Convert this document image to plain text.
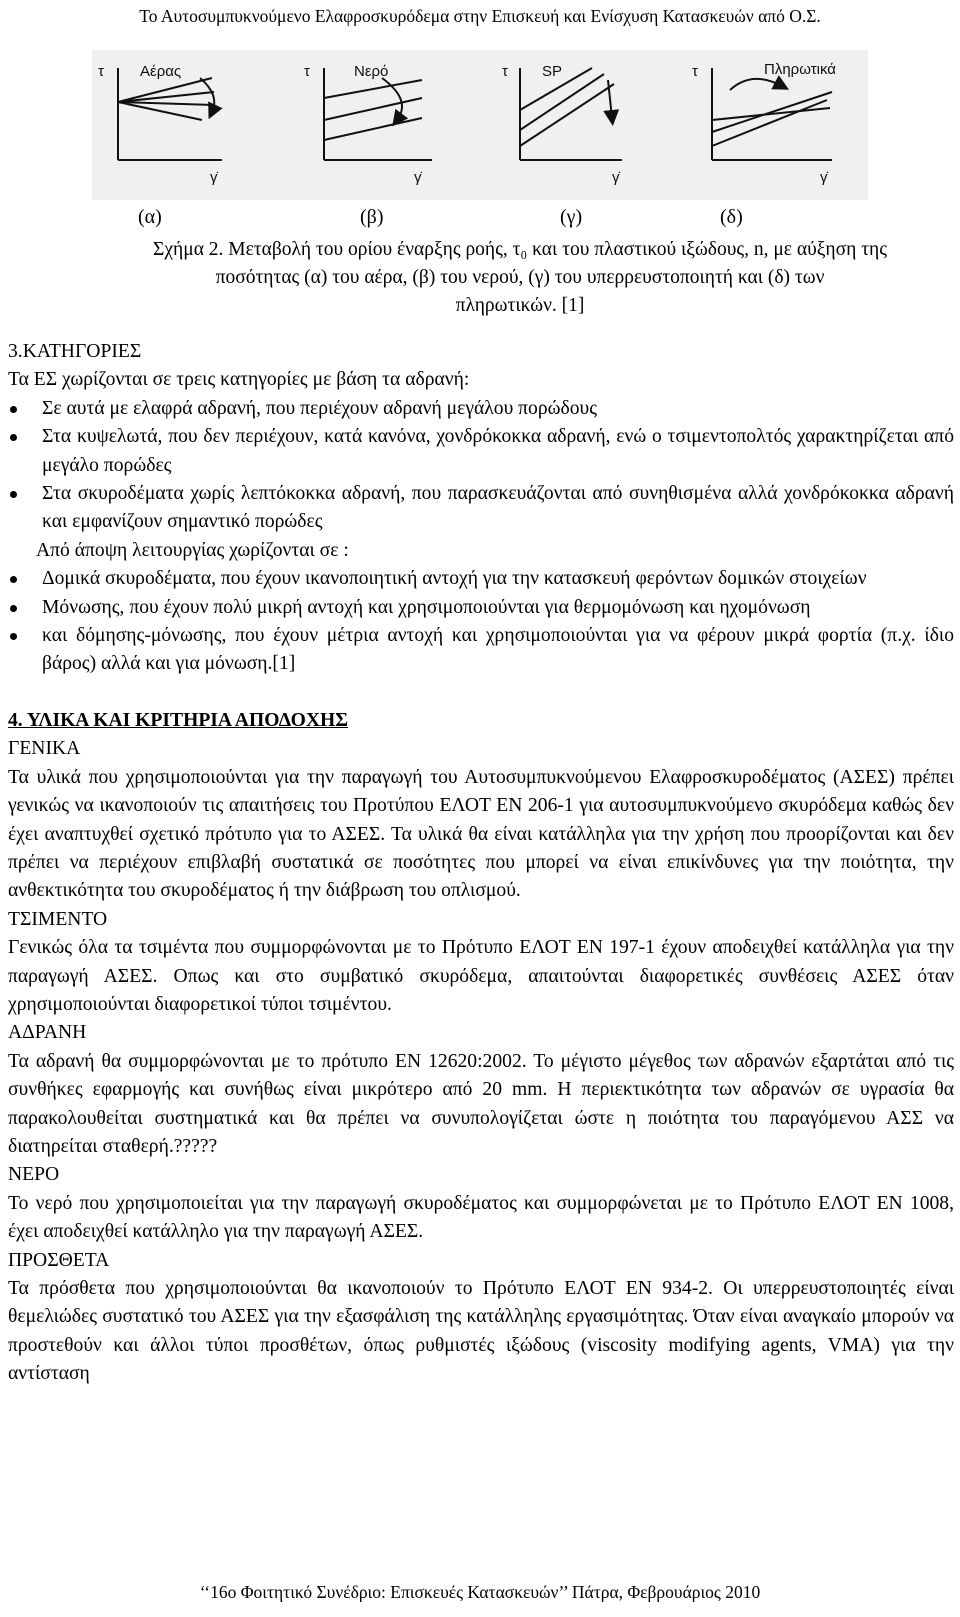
Το Αυτοσυμπυκνούμενο Ελαφροσκυρόδεμα στην Επισκευή και Ενίσχυση Κατασκευών από Ο.Σ.
τ Αέρας
γ̇
τ	Νερό
γ̇
τ SP
γ̇
τ	Πληρωτικά
γ̇
(α)	(β)	(γ)	(δ)
Σχήμα 2. Μεταβολή του ορίου έναρξης ροής, τ₀ και του πλαστικού ιξώδους, n, με αύξηση της
ποσότητας (α) του αέρα, (β) του νερού, (γ) του υπερρευστοποιητή και (δ) των
πληρωτικών. [1]

3.ΚΑΤΗΓΟΡΙΕΣ

Τα ΕΣ χωρίζονται σε τρεις κατηγορίες με βάση τα αδρανή:

Σε αυτά με ελαφρά αδρανή, που περιέχουν αδρανή μεγάλου πορώδους
Στα κυψελωτά, που δεν περιέχουν, κατά κανόνα, χονδρόκοκκα αδρανή, ενώ ο τσιμεντοπολτός χαρακτηρίζεται από μεγάλο πορώδες
Στα σκυροδέματα χωρίς λεπτόκοκκα αδρανή, που παρασκευάζονται από συνηθισμένα αλλά χονδρόκοκκα αδρανή και εμφανίζουν σημαντικό πορώδες

Από άποψη λειτουργίας χωρίζονται σε :

Δομικά σκυροδέματα, που έχουν ικανοποιητική αντοχή για την κατασκευή φερόντων δομικών στοιχείων
Μόνωσης, που έχουν πολύ μικρή αντοχή και χρησιμοποιούνται για θερμομόνωση και ηχομόνωση
και δόμησης-μόνωσης, που έχουν μέτρια αντοχή και χρησιμοποιούνται για να φέρουν μικρά φορτία (π.χ. ίδιο βάρος) αλλά και για μόνωση.[1]

4. ΥΛΙΚΑ ΚΑΙ ΚΡΙΤΗΡΙΑ ΑΠΟΔΟΧΗΣ

ΓΕΝΙΚΑ

Τα υλικά που χρησιμοποιούνται για την παραγωγή του Αυτοσυμπυκνούμενου Ελαφροσκυροδέματος (ΑΣΕΣ) πρέπει γενικώς να ικανοποιούν τις απαιτήσεις του Προτύπου ΕΛΟΤ ΕΝ 206-1 για αυτοσυμπυκνούμενο σκυρόδεμα καθώς δεν έχει αναπτυχθεί σχετικό πρότυπο για το ΑΣΕΣ. Τα υλικά θα είναι κατάλληλα για την χρήση που προορίζονται και δεν πρέπει να περιέχουν επιβλαβή συστατικά σε ποσότητες που μπορεί να είναι επικίνδυνες για την ποιότητα, την ανθεκτικότητα του σκυροδέματος ή την διάβρωση του οπλισμού.

ΤΣΙΜΕΝΤΟ

Γενικώς όλα τα τσιμέντα που συμμορφώνονται με το Πρότυπο ΕΛΟΤ ΕΝ 197-1 έχουν αποδειχθεί κατάλληλα για την παραγωγή ΑΣΕΣ. Οπως και στο συμβατικό σκυρόδεμα, απαιτούνται διαφορετικές συνθέσεις ΑΣΕΣ όταν χρησιμοποιούνται διαφορετικοί τύποι τσιμέντου.

ΑΔΡΑΝΗ

Τα αδρανή θα συμμορφώνονται με το πρότυπο ΕΝ 12620:2002. Το μέγιστο μέγεθος των αδρανών εξαρτάται από τις συνθήκες εφαρμογής και συνήθως είναι μικρότερο από 20 mm. Η περιεκτικότητα των αδρανών σε υγρασία θα παρακολουθείται συστηματικά και θα πρέπει να συνυπολογίζεται ώστε η ποιότητα του παραγόμενου ΑΣΣ να διατηρείται σταθερή.?????

ΝΕΡΟ

Το νερό που χρησιμοποιείται για την παραγωγή σκυροδέματος και συμμορφώνεται με το Πρότυπο ΕΛΟΤ ΕΝ 1008, έχει αποδειχθεί κατάλληλο για την παραγωγή ΑΣΕΣ.

ΠΡΟΣΘΕΤΑ

Τα πρόσθετα που χρησιμοποιούνται θα ικανοποιούν το Πρότυπο ΕΛΟΤ ΕΝ 934-2. Οι υπερρευστοποιητές είναι θεμελιώδες συστατικό του ΑΣΕΣ για την εξασφάλιση της κατάλληλης εργασιμότητας. Όταν είναι αναγκαίο μπορούν να προστεθούν και άλλοι τύποι προσθέτων, όπως ρυθμιστές ιξώδους (viscosity modifying agents, VMA) για την αντίσταση

‘‘16ο Φοιτητικό Συνέδριο: Επισκευές Κατασκευών’’ Πάτρα, Φεβρουάριος 2010
